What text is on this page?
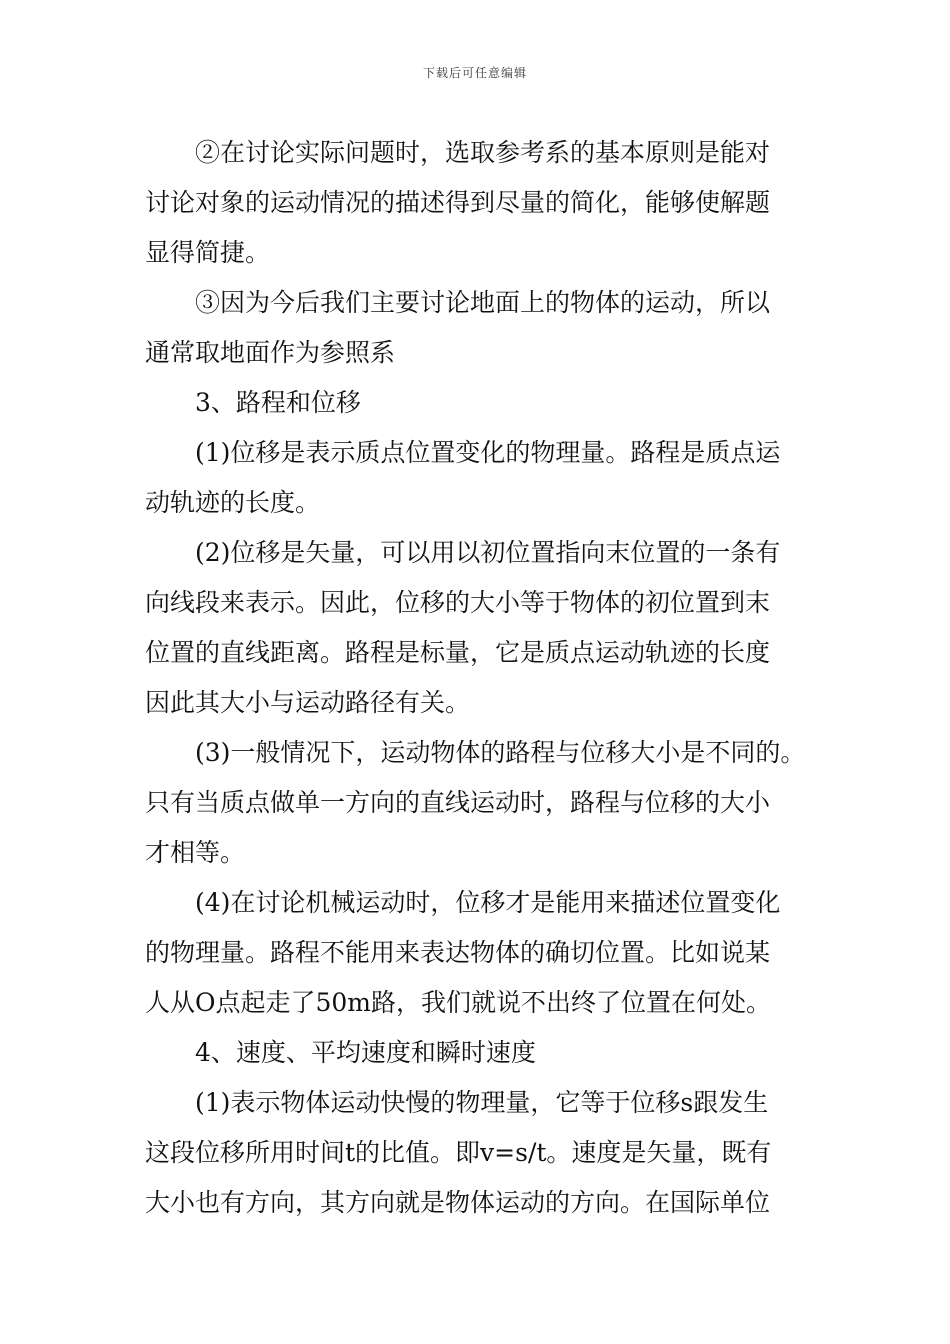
下载后可任意编辑

②在讨论实际问题时，选取参考系的基本原则是能对
讨论对象的运动情况的描述得到尽量的简化，能够使解题
显得简捷。

③因为今后我们主要讨论地面上的物体的运动，所以
通常取地面作为参照系

3、路程和位移

(1)位移是表示质点位置变化的物理量。路程是质点运
动轨迹的长度。

(2)位移是矢量，可以用以初位置指向末位置的一条有
向线段来表示。因此，位移的大小等于物体的初位置到末
位置的直线距离。路程是标量，它是质点运动轨迹的长度
因此其大小与运动路径有关。

(3)一般情况下，运动物体的路程与位移大小是不同的。
只有当质点做单一方向的直线运动时，路程与位移的大小
才相等。

(4)在讨论机械运动时，位移才是能用来描述位置变化
的物理量。路程不能用来表达物体的确切位置。比如说某
人从O点起走了50m路，我们就说不出终了位置在何处。

4、速度、平均速度和瞬时速度

(1)表示物体运动快慢的物理量，它等于位移s跟发生
这段位移所用时间t的比值。即v=s/t。速度是矢量，既有
大小也有方向，其方向就是物体运动的方向。在国际单位
